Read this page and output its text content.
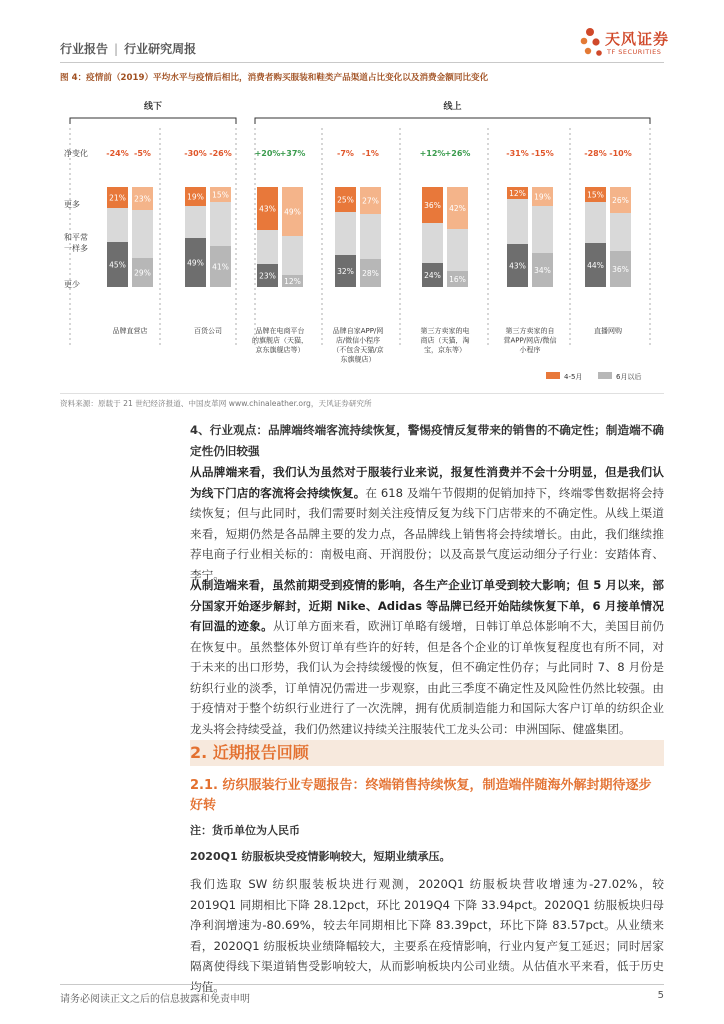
行业报告 | 行业研究周报
天风证券
TF SECURITIES
图 4：疫情前（2019）平均水平与疫情后相比，消费者购买服装和鞋类产品渠道占比变化以及消费金额同比变化
线下	线上
净变化
更多
和平常
一样多
更少
21%
45%
-24%
23%
29%
-5%
品牌直营店
19%
49%
-30%
15%
41%
-26%
百货公司
43%
23%
+20%
49%
12%
+37%
品牌在电商平台
的旗舰店（天猫，
京东旗舰店等）
25%
32%
-7%
27%
28%
-1%
品牌自家APP/网
店/微信小程序
（不包含天猫/京
东旗舰店）
36%
24%
+12%
42%
16%
+26%
第三方卖家的电
商店（天猫，淘
宝，京东等）
12%
43%
-31%
19%
34%
-15%
第三方卖家的自
营APP/网店/微信
小程序
15%
44%
-28%
26%
36%
-10%
直播网购
4-5月	6月以后
资料来源：原载于 21 世纪经济报道、中国皮革网 www.chinaleather.org，天风证券研究所
4、行业观点：品牌端终端客流持续恢复，警惕疫情反复带来的销售的不确定性；制造端不确定性仍旧较强
从品牌端来看，我们认为虽然对于服装行业来说，报复性消费并不会十分明显，但是我们认为线下门店的客流将会持续恢复。在 618 及端午节假期的促销加持下，终端零售数据将会持续恢复；但与此同时，我们需要时刻关注疫情反复为线下门店带来的不确定性。从线上渠道来看，短期仍然是各品牌主要的发力点，各品牌线上销售将会持续增长。由此，我们继续推荐电商子行业相关标的：南极电商、开润股份；以及高景气度运动细分子行业：安踏体育、李宁。
从制造端来看，虽然前期受到疫情的影响，各生产企业订单受到较大影响；但 5 月以来，部分国家开始逐步解封，近期 Nike、Adidas 等品牌已经开始陆续恢复下单，6 月接单情况有回温的迹象。从订单方面来看，欧洲订单略有缓增，日韩订单总体影响不大，美国目前仍在恢复中。虽然整体外贸订单有些许的好转，但是各个企业的订单恢复程度也有所不同，对于未来的出口形势，我们认为会持续缓慢的恢复，但不确定性仍存；与此同时 7、8 月份是纺织行业的淡季，订单情况仍需进一步观察，由此三季度不确定性及风险性仍然比较强。由于疫情对于整个纺织行业进行了一次洗牌，拥有优质制造能力和国际大客户订单的纺织企业龙头将会持续受益，我们仍然建议持续关注服装代工龙头公司：申洲国际、健盛集团。
2. 近期报告回顾
2.1. 纺织服装行业专题报告：终端销售持续恢复，制造端伴随海外解封期待逐步好转
注：货币单位为人民币
2020Q1 纺服板块受疫情影响较大，短期业绩承压。
我们选取 SW 纺织服装板块进行观测，2020Q1 纺服板块营收增速为-27.02%，较 2019Q1 同期相比下降 28.12pct，环比 2019Q4 下降 33.94pct。2020Q1 纺服板块归母净利润增速为-80.69%，较去年同期相比下降 83.39pct，环比下降 83.57pct。从业绩来看，2020Q1 纺服板块业绩降幅较大，主要系在疫情影响，行业内复产复工延迟；同时居家隔离使得线下渠道销售受影响较大，从而影响板块内公司业绩。从估值水平来看，低于历史均值。
请务必阅读正文之后的信息披露和免责申明	5
